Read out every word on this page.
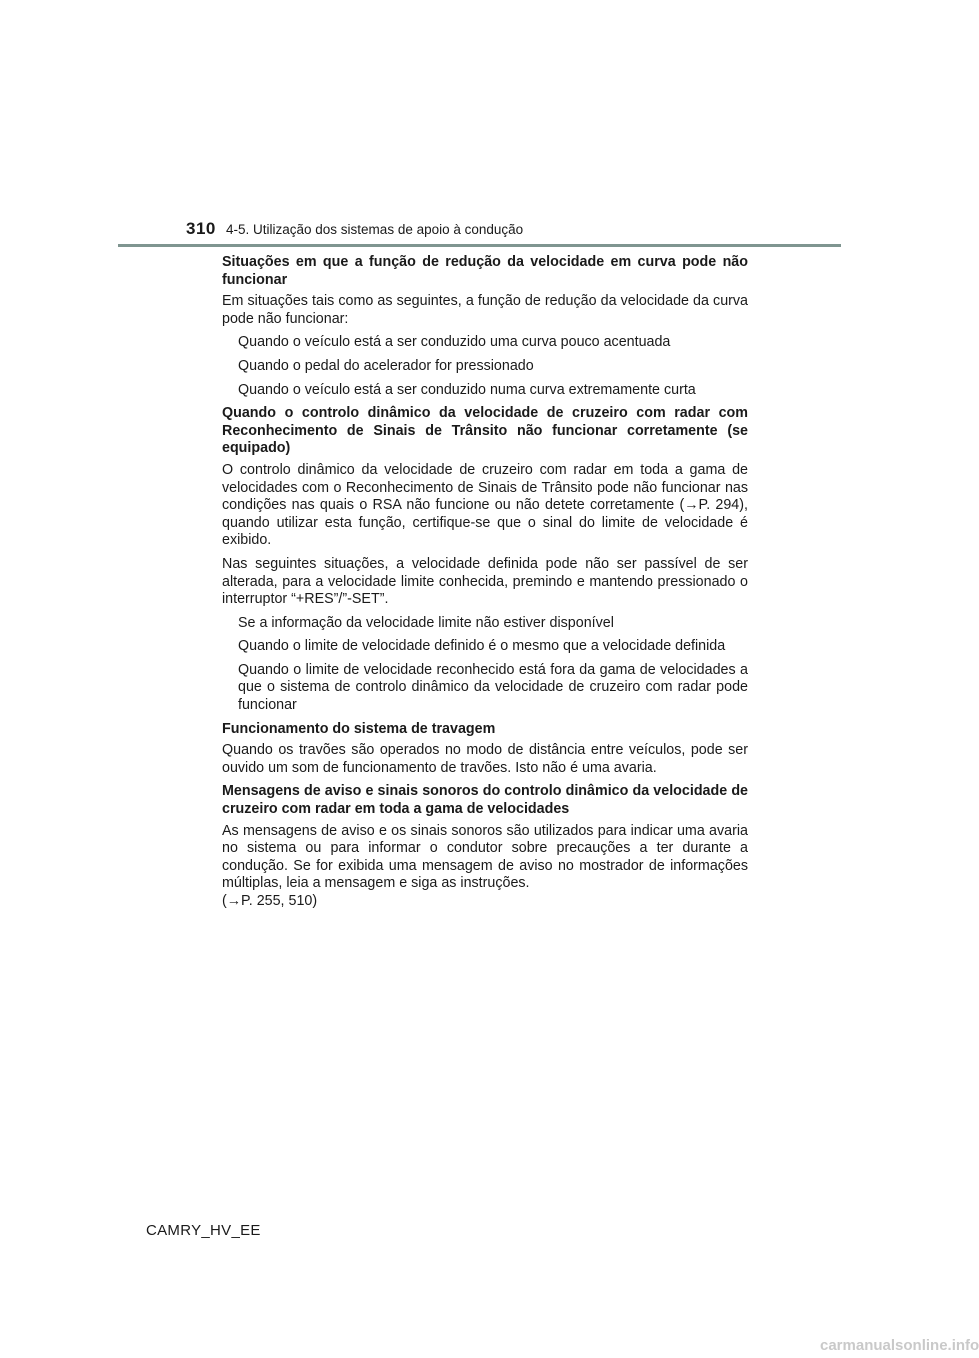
310 4-5. Utilização dos sistemas de apoio à condução

Situações em que a função de redução da velocidade em curva pode não funcionar

Em situações tais como as seguintes, a função de redução da velocidade da curva pode não funcionar:

Quando o veículo está a ser conduzido uma curva pouco acentuada

Quando o pedal do acelerador for pressionado

Quando o veículo está a ser conduzido numa curva extremamente curta

Quando o controlo dinâmico da velocidade de cruzeiro com radar com Reconhecimento de Sinais de Trânsito não funcionar corretamente (se equipado)

O controlo dinâmico da velocidade de cruzeiro com radar em toda a gama de velocidades com o Reconhecimento de Sinais de Trânsito pode não funcionar nas condições nas quais o RSA não funcione ou não detete corretamente (→P. 294), quando utilizar esta função, certifique-se que o sinal do limite de velocidade é exibido.

Nas seguintes situações, a velocidade definida pode não ser passível de ser alterada, para a velocidade limite conhecida, premindo e mantendo pressionado o interruptor “+RES”/”-SET”.

Se a informação da velocidade limite não estiver disponível

Quando o limite de velocidade definido é o mesmo que a velocidade definida

Quando o limite de velocidade reconhecido está fora da gama de velocidades a que o sistema de controlo dinâmico da velocidade de cruzeiro com radar pode funcionar

Funcionamento do sistema de travagem

Quando os travões são operados no modo de distância entre veículos, pode ser ouvido um som de funcionamento de travões. Isto não é uma avaria.

Mensagens de aviso e sinais sonoros do controlo dinâmico da velocidade de cruzeiro com radar em toda a gama de velocidades

As mensagens de aviso e os sinais sonoros são utilizados para indicar uma avaria no sistema ou para informar o condutor sobre precauções a ter durante a condução. Se for exibida uma mensagem de aviso no mostrador de informações múltiplas, leia a mensagem e siga as instruções.
(→P. 255, 510)

CAMRY_HV_EE
carmanualsonline.info
